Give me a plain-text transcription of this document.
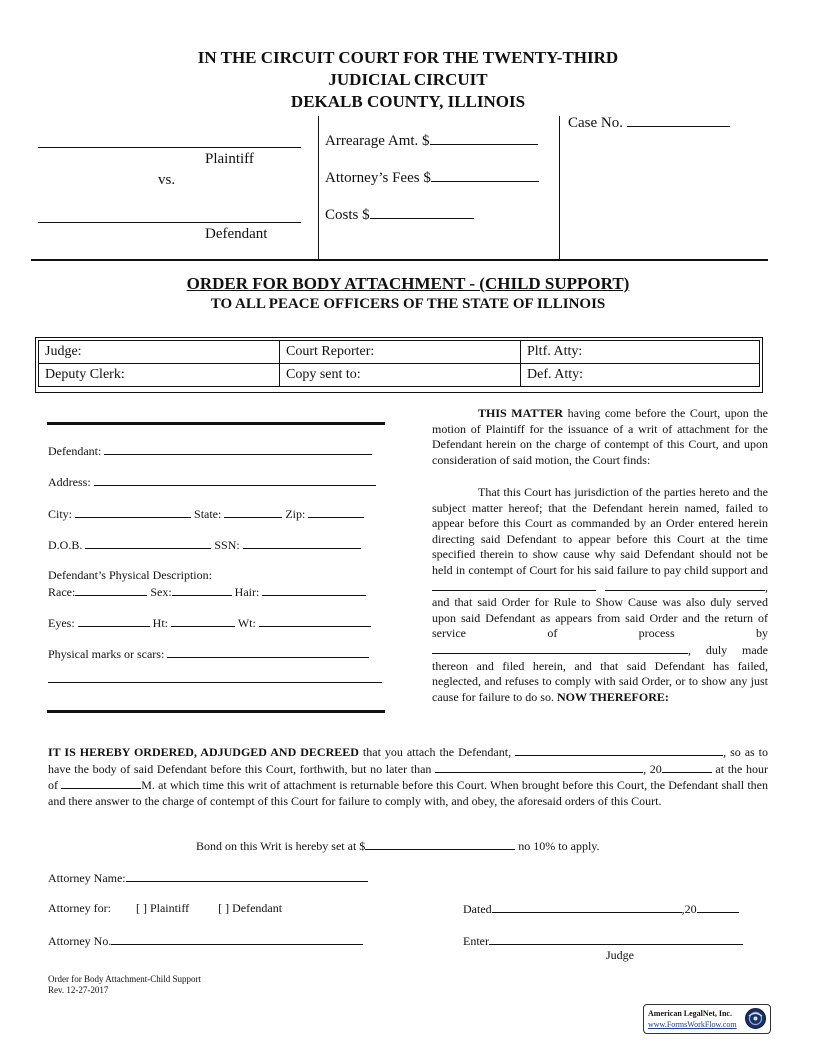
IN THE CIRCUIT COURT FOR THE TWENTY-THIRD
JUDICIAL CIRCUIT
DEKALB COUNTY, ILLINOIS
Plaintiff
vs.
Defendant
Arrearage Amt. $
Attorney’s Fees $
Costs $
Case No.
ORDER FOR BODY ATTACHMENT - (CHILD SUPPORT)
TO ALL PEACE OFFICERS OF THE STATE OF ILLINOIS
Judge:	Court Reporter:	Pltf. Atty:
Deputy Clerk:	Copy sent to:	Def. Atty:
Defendant:
Address:
City:	State:	Zip:
D.O.B.	SSN:
Defendant’s Physical Description:
Race:	Sex:	Hair:
Eyes:	Ht:	Wt:
Physical marks or scars:
THIS MATTER having come before the Court, upon the motion of Plaintiff for the issuance of a writ of attachment for the Defendant herein on the charge of contempt of this Court, and upon consideration of said motion, the Court finds:
That this Court has jurisdiction of the parties hereto and the subject matter hereof; that the Defendant herein named, failed to appear before this Court as commanded by an Order entered herein directing said Defendant to appear before this Court at the time specified therein to show cause why said Defendant should not be held in contempt of Court for his said failure to pay child support and  , and that said Order for Rule to Show Cause was also duly served upon said Defendant as appears from said Order and the return of service of process by, duly made thereon and filed herein, and that said Defendant has failed, neglected, and refuses to comply with said Order, or to show any just cause for failure to do so. NOW THEREFORE:
IT IS HEREBY ORDERED, ADJUDGED AND DECREED that you attach the Defendant,	, so as to have the body of said Defendant before this Court, forthwith, but no later than	, 20	at the hour of	M. at which time this writ of attachment is returnable before this Court. When brought before this Court, the Defendant shall then and there answer to the charge of contempt of this Court for failure to comply with, and obey, the aforesaid orders of this Court.
Bond on this Writ is hereby set at $	no 10% to apply.
Attorney Name:
Attorney for: [ ] Plaintiff [ ] Defendant
Attorney No.
Dated	,20
Enter
Judge
Order for Body Attachment-Child Support
Rev. 12-27-2017
American LegalNet, Inc.
www.FormsWorkFlow.com
